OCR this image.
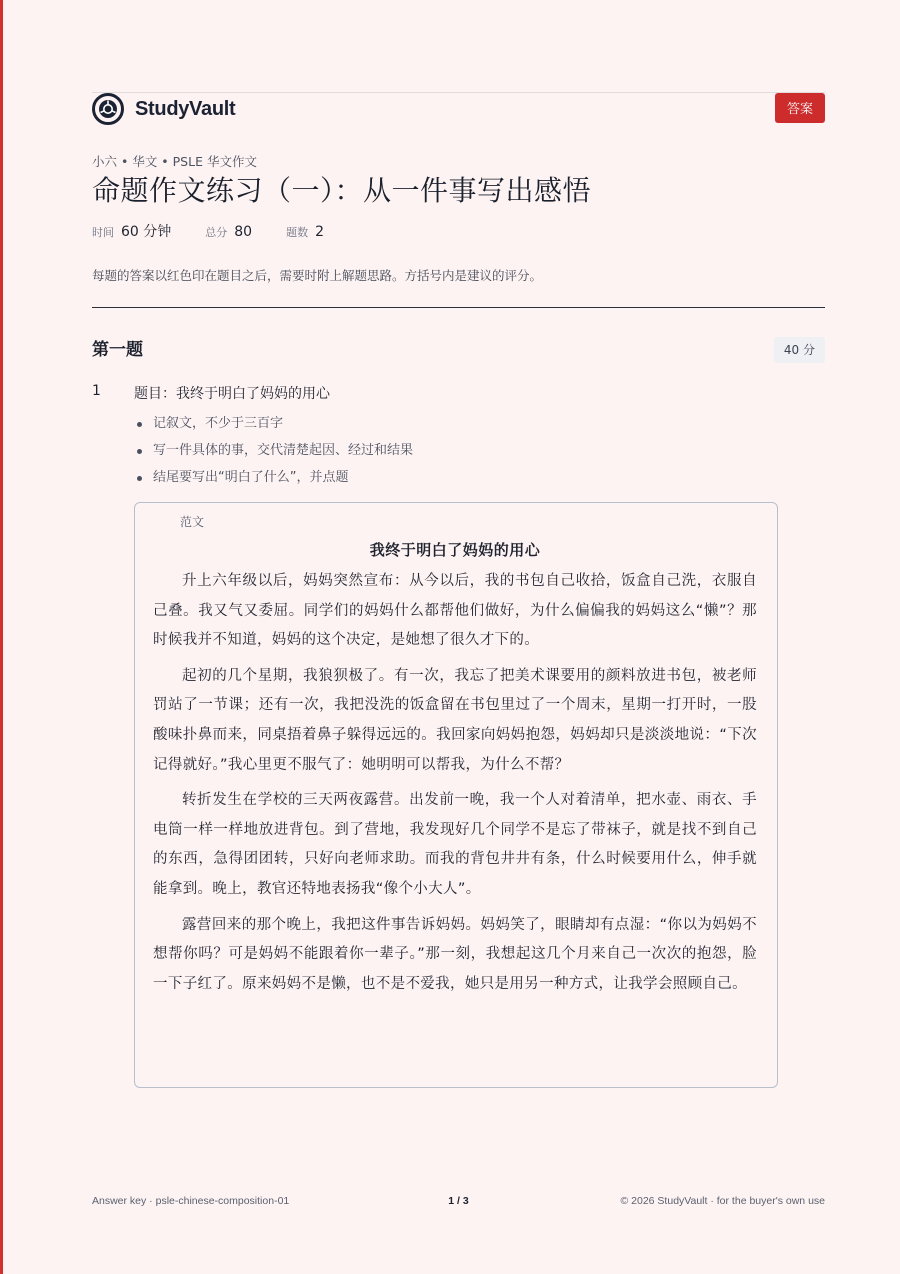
StudyVault	答案
小六 • 华文 • PSLE 华文作文
命题作文练习（一）：从一件事写出感悟
时间 60 分钟	总分 80	题数 2

每题的答案以红色印在题目之后，需要时附上解题思路。方括号内是建议的评分。

第一题	40 分
1 题目：我终于明白了妈妈的用心
记叙文，不少于三百字
写一件具体的事，交代清楚起因、经过和结果
结尾要写出“明白了什么”，并点题
范文
我终于明白了妈妈的用心

升上六年级以后，妈妈突然宣布：从今以后，我的书包自己收拾，饭盒自己洗，衣服自己叠。我又气又委屈。同学们的妈妈什么都帮他们做好，为什么偏偏我的妈妈这么“懒”？那时候我并不知道，妈妈的这个决定，是她想了很久才下的。

起初的几个星期，我狼狈极了。有一次，我忘了把美术课要用的颜料放进书包，被老师罚站了一节课；还有一次，我把没洗的饭盒留在书包里过了一个周末，星期一打开时，一股酸味扑鼻而来，同桌捂着鼻子躲得远远的。我回家向妈妈抱怨，妈妈却只是淡淡地说：“下次记得就好。”我心里更不服气了：她明明可以帮我，为什么不帮？

转折发生在学校的三天两夜露营。出发前一晚，我一个人对着清单，把水壶、雨衣、手电筒一样一样地放进背包。到了营地，我发现好几个同学不是忘了带袜子，就是找不到自己的东西，急得团团转，只好向老师求助。而我的背包井井有条，什么时候要用什么，伸手就能拿到。晚上，教官还特地表扬我“像个小大人”。

露营回来的那个晚上，我把这件事告诉妈妈。妈妈笑了，眼睛却有点湿：“你以为妈妈不想帮你吗？可是妈妈不能跟着你一辈子。”那一刻，我想起这几个月来自己一次次的抱怨，脸一下子红了。原来妈妈不是懒，也不是不爱我，她只是用另一种方式，让我学会照顾自己。

Answer key · psle-chinese-composition-01	1 / 3	© 2026 StudyVault · for the buyer's own use
